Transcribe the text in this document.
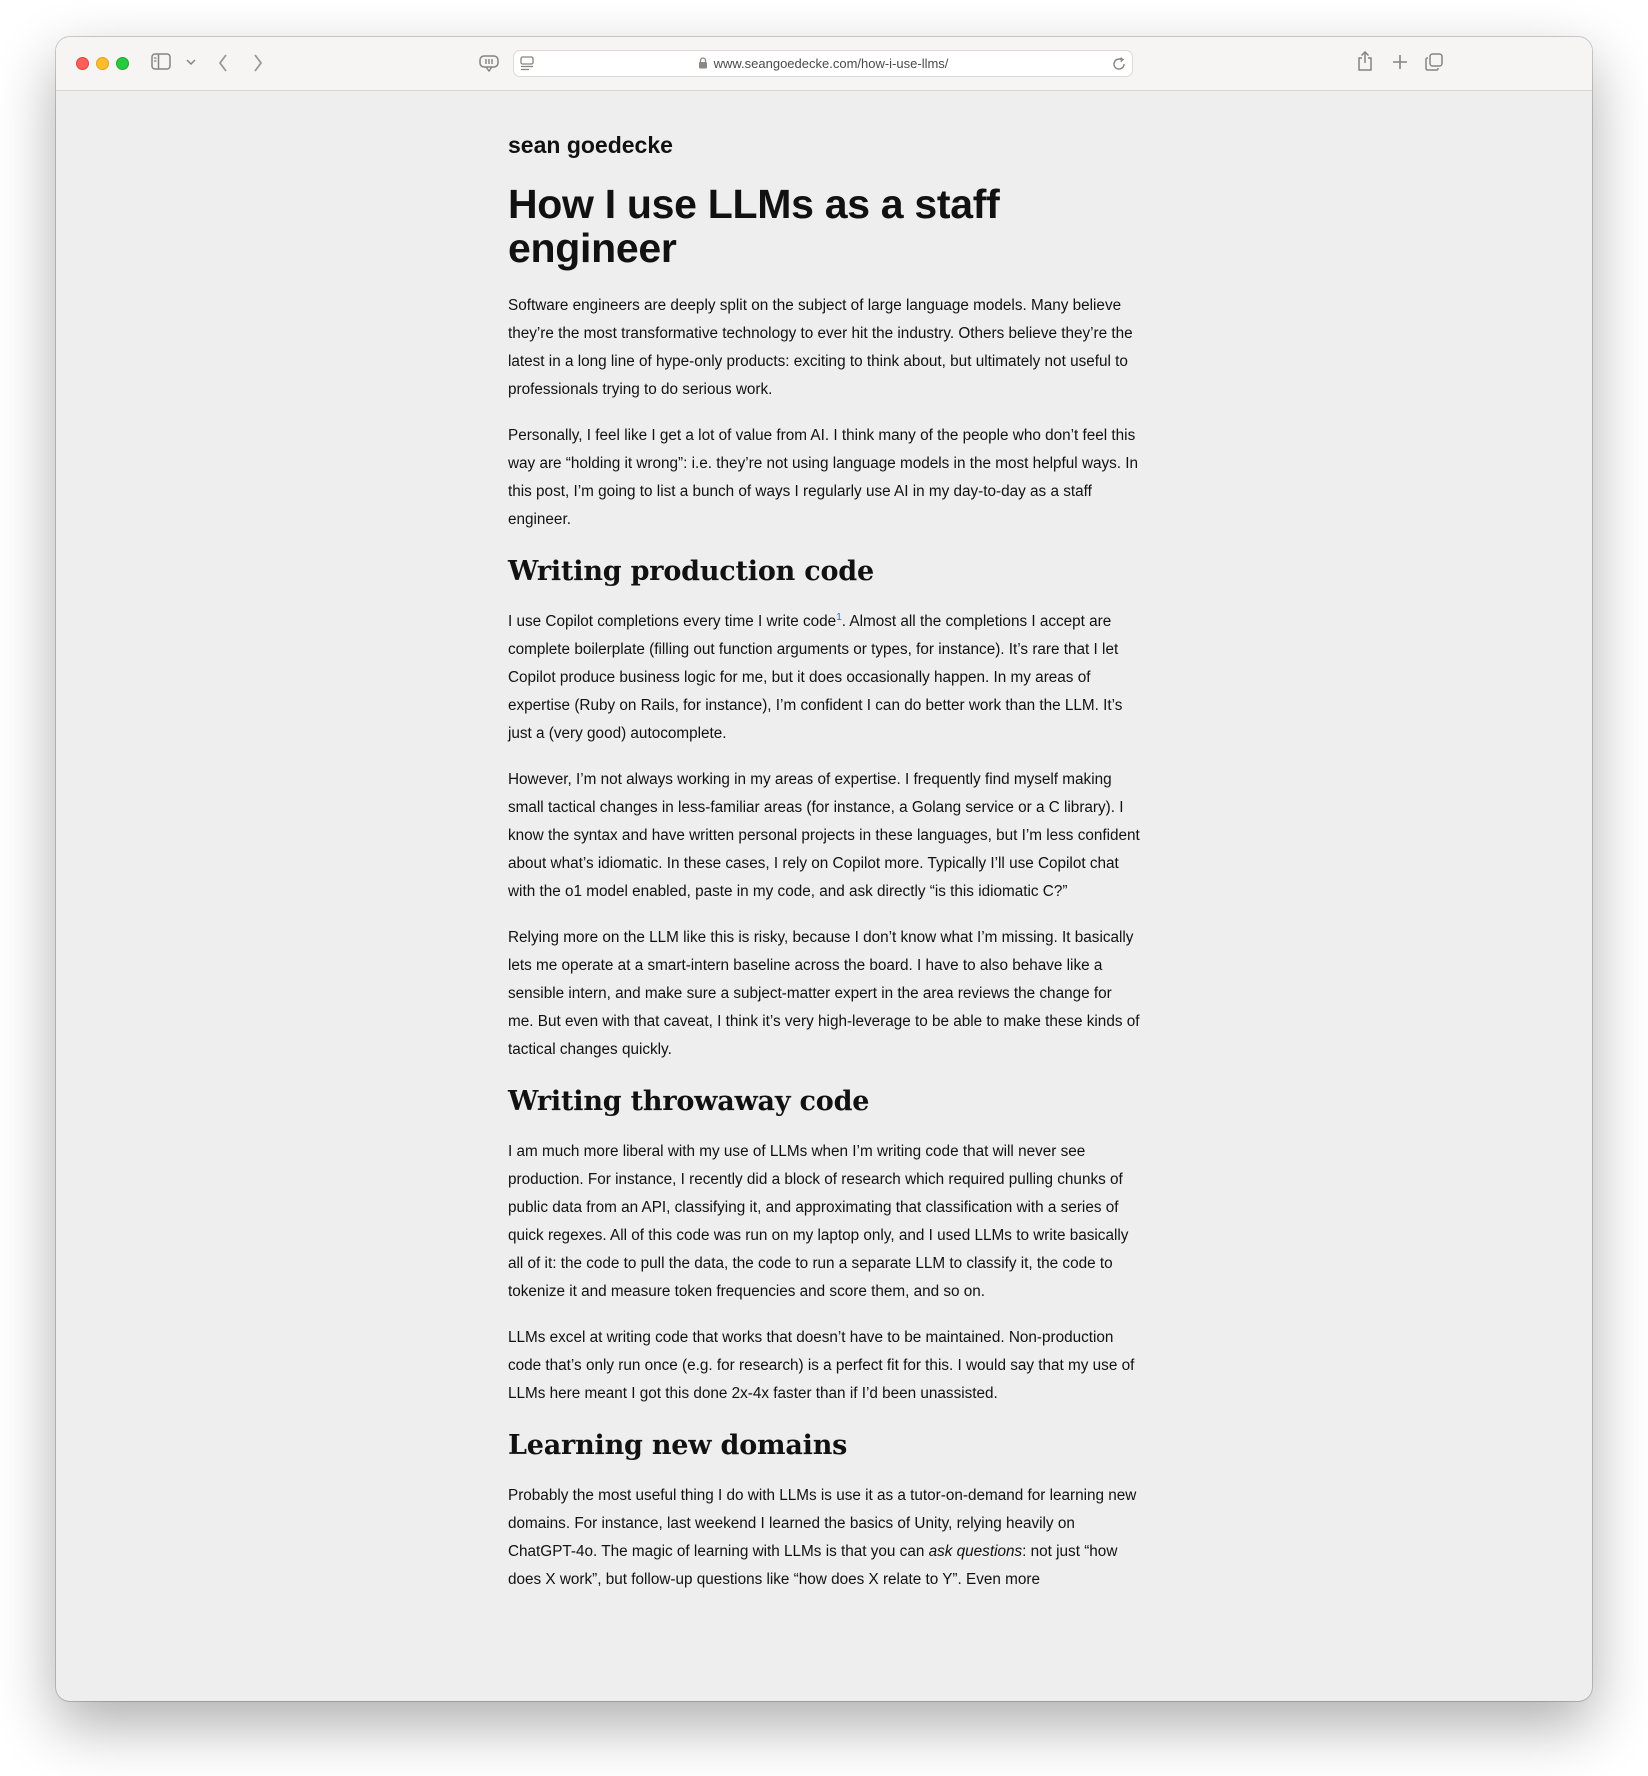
www.seangoedecke.com/how-i-use-llms/
sean goedecke
How I use LLMs as a staff engineer

Software engineers are deeply split on the subject of large language models. Many believe they’re the most transformative technology to ever hit the industry. Others believe they’re the latest in a long line of hype-only products: exciting to think about, but ultimately not useful to professionals trying to do serious work.

Personally, I feel like I get a lot of value from AI. I think many of the people who don’t feel this way are “holding it wrong”: i.e. they’re not using language models in the most helpful ways. In this post, I’m going to list a bunch of ways I regularly use AI in my day-to-day as a staff engineer.

Writing production code

I use Copilot completions every time I write code$^1$. Almost all the completions I accept are complete boilerplate (filling out function arguments or types, for instance). It’s rare that I let Copilot produce business logic for me, but it does occasionally happen. In my areas of expertise (Ruby on Rails, for instance), I’m confident I can do better work than the LLM. It’s just a (very good) autocomplete.

However, I’m not always working in my areas of expertise. I frequently find myself making small tactical changes in less-familiar areas (for instance, a Golang service or a C library). I know the syntax and have written personal projects in these languages, but I’m less confident about what’s idiomatic. In these cases, I rely on Copilot more. Typically I’ll use Copilot chat with the o1 model enabled, paste in my code, and ask directly “is this idiomatic C?”

Relying more on the LLM like this is risky, because I don’t know what I’m missing. It basically lets me operate at a smart-intern baseline across the board. I have to also behave like a sensible intern, and make sure a subject-matter expert in the area reviews the change for me. But even with that caveat, I think it’s very high-leverage to be able to make these kinds of tactical changes quickly.

Writing throwaway code

I am much more liberal with my use of LLMs when I’m writing code that will never see production. For instance, I recently did a block of research which required pulling chunks of public data from an API, classifying it, and approximating that classification with a series of quick regexes. All of this code was run on my laptop only, and I used LLMs to write basically all of it: the code to pull the data, the code to run a separate LLM to classify it, the code to tokenize it and measure token frequencies and score them, and so on.

LLMs excel at writing code that works that doesn’t have to be maintained. Non-production code that’s only run once (e.g. for research) is a perfect fit for this. I would say that my use of LLMs here meant I got this done 2x-4x faster than if I’d been unassisted.

Learning new domains

Probably the most useful thing I do with LLMs is use it as a tutor-on-demand for learning new domains. For instance, last weekend I learned the basics of Unity, relying heavily on ChatGPT-4o. The magic of learning with LLMs is that you can ask questions: not just “how does X work”, but follow-up questions like “how does X relate to Y”. Even more
